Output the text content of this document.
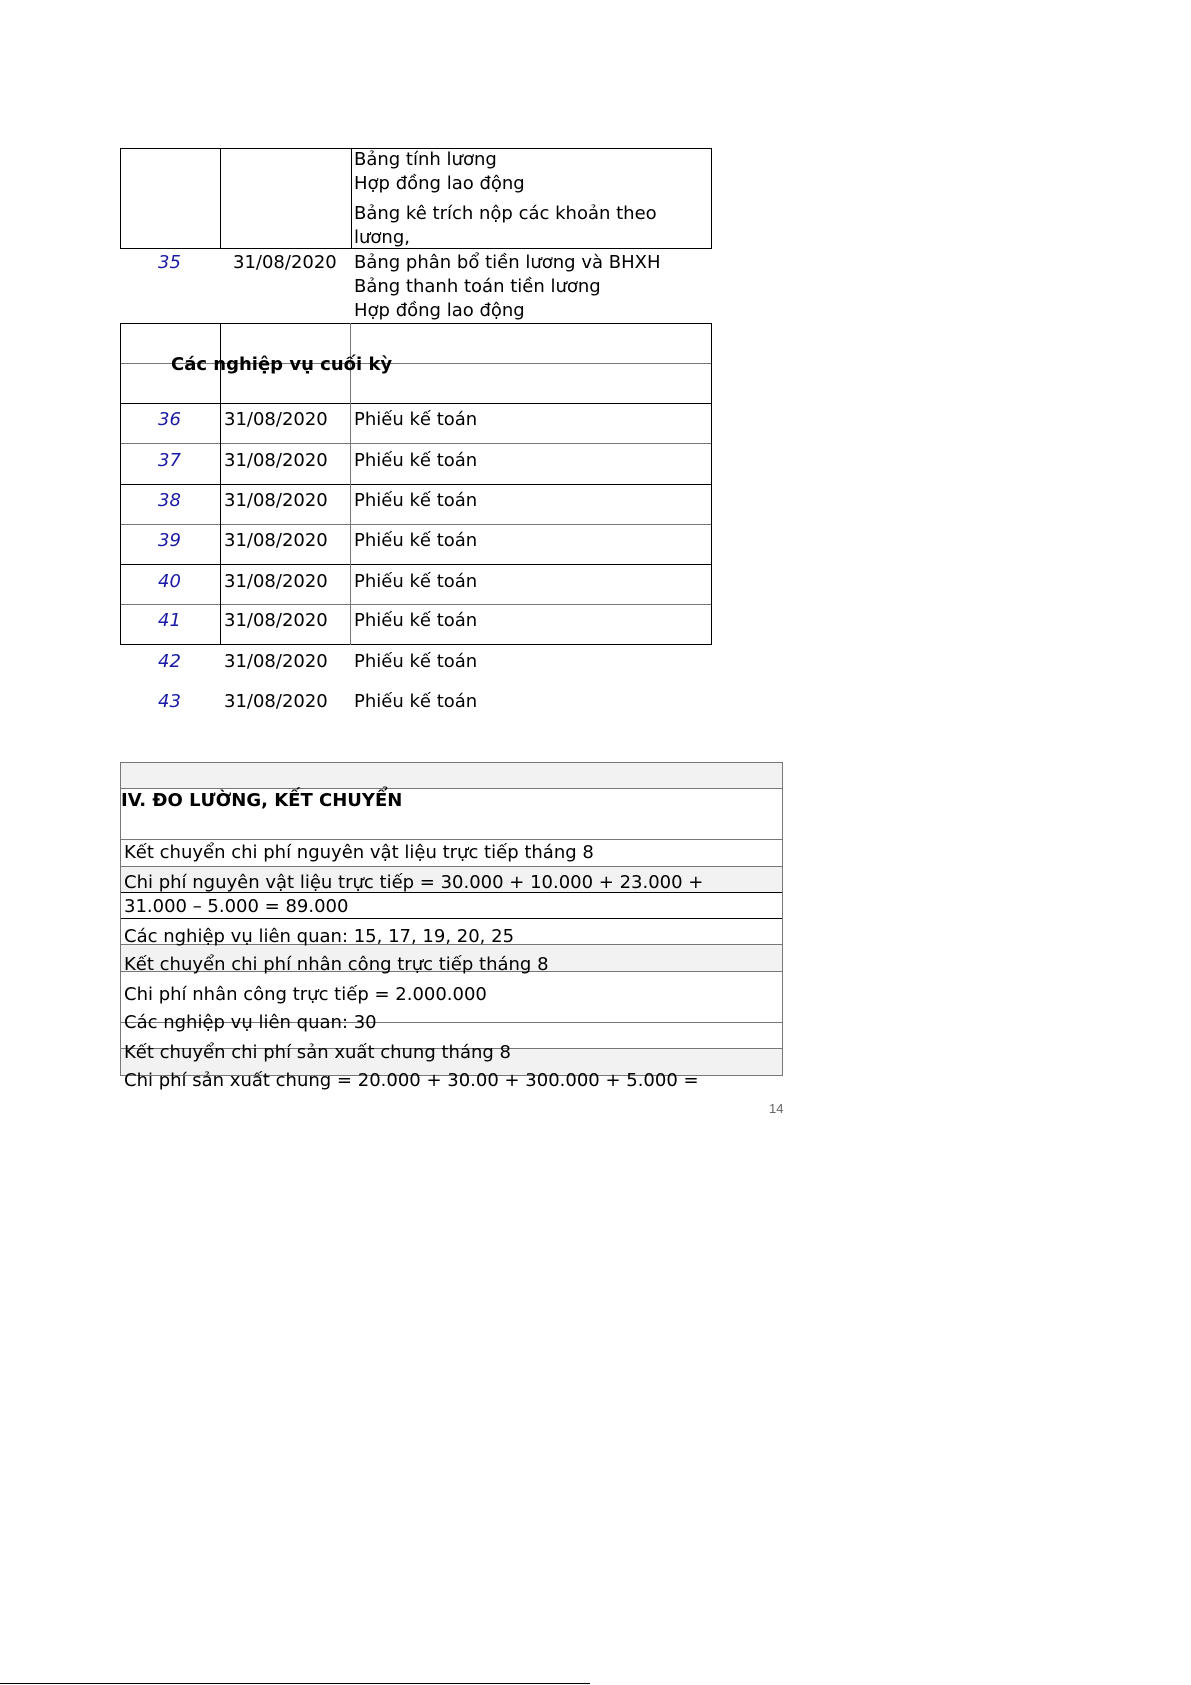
Bảng tính lương
Hợp đồng lao động
Bảng kê trích nộp các khoản theo
lương,
35	31/08/2020 Bảng phân bổ tiền lương và BHXH
Bảng thanh toán tiền lương
Hợp đồng lao động
Các nghiệp vụ cuối kỳ
36 31/08/2020 Phiếu kế toán
37 31/08/2020 Phiếu kế toán
38 31/08/2020 Phiếu kế toán
39 31/08/2020 Phiếu kế toán
40 31/08/2020 Phiếu kế toán
41 31/08/2020 Phiếu kế toán
42 31/08/2020 Phiếu kế toán
43 31/08/2020 Phiếu kế toán
IV. ĐO LƯỜNG, KẾT CHUYỂN
Kết chuyển chi phí nguyên vật liệu trực tiếp tháng 8
Chi phí nguyên vật liệu trực tiếp = 30.000 + 10.000 + 23.000 +
31.000 – 5.000 = 89.000
Các nghiệp vụ liên quan: 15, 17, 19, 20, 25
Kết chuyển chi phí nhân công trực tiếp tháng 8
Chi phí nhân công trực tiếp = 2.000.000
Các nghiệp vụ liên quan: 30
Kết chuyển chi phí sản xuất chung tháng 8
Chi phí sản xuất chung = 20.000 + 30.00 + 300.000 + 5.000 =
14
